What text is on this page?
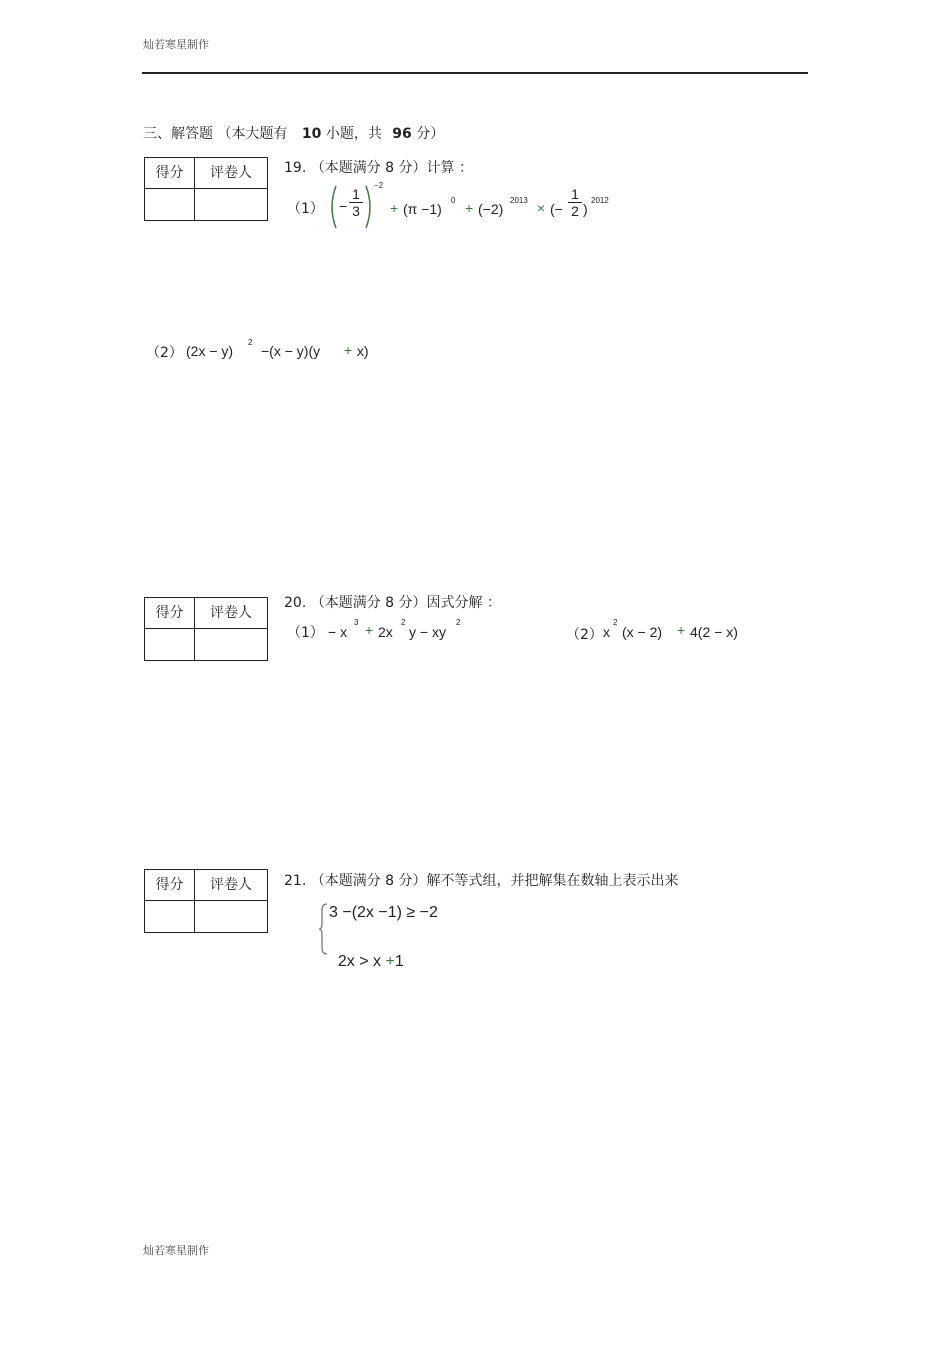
灿若寒星制作
三、解答题 （本大题有 10 小题，共 96 分）
得分	评卷人	19. （本题满分 8 分）计算 ：
（1） −
1
3
−2
+ (π −1)
0 + (−2)
2013 × (−
1
2 )
2012
（2） (2x − y)
2
−(x − y)(y + x)
得分	评卷人
20. （本题满分 8 分）因式分解 ：
（1） − x
3 + 2x
2
y − xy
2
（2） x
2
(x − 2) + 4(2 − x)
得分	评卷人	21. （本题满分 8 分）解不等式组，并把解集在数轴上表示出来
3 −(2x −1) ≥ −2

2x > x +1

灿若寒星制作
